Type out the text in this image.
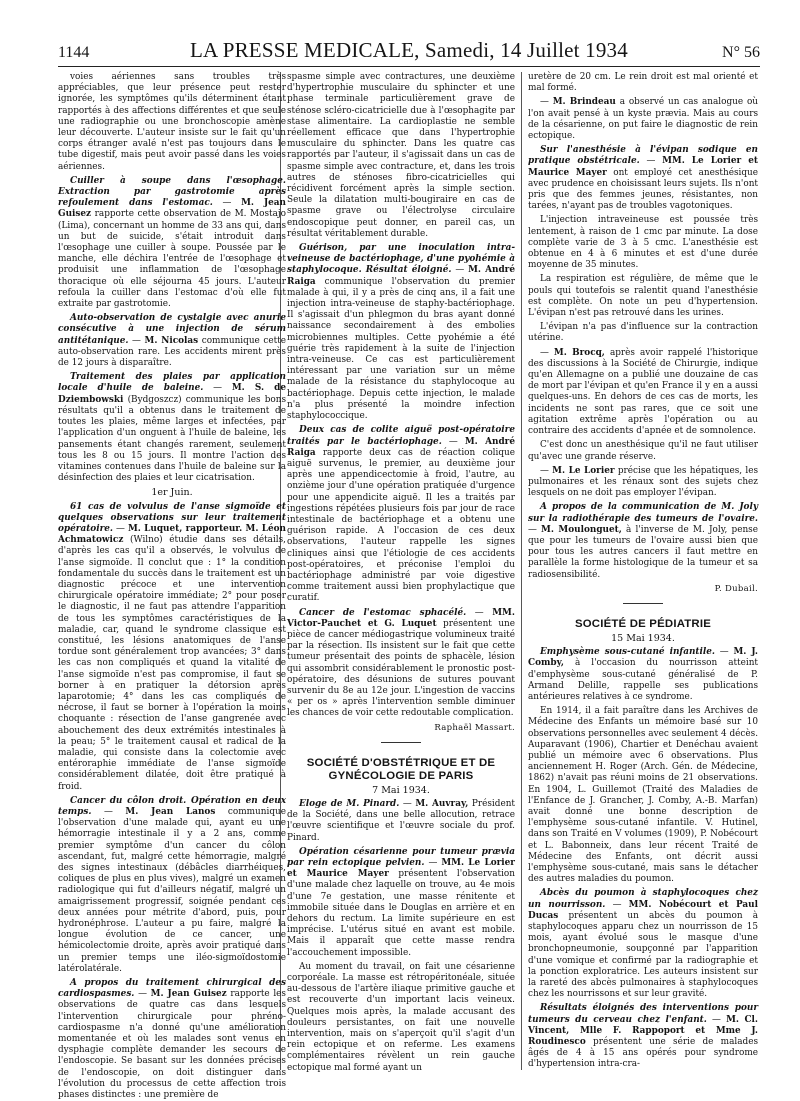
1144	LA PRESSE MEDICALE, Samedi, 14 Juillet 1934	N° 56

voies aériennes sans troubles très appréciables, que leur présence peut rester ignorée, les symptômes qu'ils déterminent étant rapportés à des affections différentes et que seule une radiographie ou une bronchoscopie amène leur découverte. L'auteur insiste sur le fait qu'un corps étranger avalé n'est pas toujours dans le tube digestif, mais peut avoir passé dans les voies aériennes.

Cuiller à soupe dans l'œsophage. Extraction par gastrotomie après refoulement dans l'estomac. — M. Jean Guisez rapporte cette observation de M. Mostajo (Lima), concernant un homme de 33 ans qui, dans un but de suicide, s'était introduit dans l'œsophage une cuiller à soupe. Poussée par le manche, elle déchira l'entrée de l'œsophage et produisit une inflammation de l'œsophage thoracique où elle séjourna 45 jours. L'auteur refoula la cuiller dans l'estomac d'où elle fut extraite par gastrotomie.

Auto-observation de cystalgie avec anurie consécutive à une injection de sérum antitétanique. — M. Nicolas communique cette auto-observation rare. Les accidents mirent près de 12 jours à disparaître.

Traitement des plaies par application locale d'huile de baleine. — M. S. de Dziembowski (Bydgoszcz) communique les bons résultats qu'il a obtenus dans le traitement de toutes les plaies, même larges et infectées, par l'application d'un onguent à l'huile de baleine, les pansements étant changés rarement, seulement tous les 8 ou 15 jours. Il montre l'action des vitamines contenues dans l'huile de baleine sur la désinfection des plaies et leur cicatrisation.

1er Juin.

61 cas de volvulus de l'anse sigmoïde et quelques observations sur leur traitement opératoire. — M. Luquet, rapporteur. M. Léon Achmatowicz (Wilno) étudie dans ses détails, d'après les cas qu'il a observés, le volvulus de l'anse sigmoïde. Il conclut que : 1° la condition fondamentale du succès dans le traitement est un diagnostic précoce et une intervention chirurgicale opératoire immédiate; 2° pour poser le diagnostic, il ne faut pas attendre l'apparition de tous les symptômes caractéristiques de la maladie, car, quand le syndrome classique est constitué, les lésions anatomiques de l'anse tordue sont généralement trop avancées; 3° dans les cas non compliqués et quand la vitalité de l'anse sigmoïde n'est pas compromise, il faut se borner à en pratiquer la détorsion après laparotomie; 4° dans les cas compliqués de nécrose, il faut se borner à l'opération la moins choquante : résection de l'anse gangrenée avec abouchement des deux extrémités intestinales à la peau; 5° le traitement causal et radical de la maladie, qui consiste dans la colectomie avec entéroraphie immédiate de l'anse sigmoïde considérablement dilatée, doit être pratiqué à froid.

Cancer du côlon droit. Opération en deux temps. — M. Jean Lanos communique l'observation d'une malade qui, ayant eu une hémorragie intestinale il y a 2 ans, comme premier symptôme d'un cancer du côlon ascendant, fut, malgré cette hémorragie, malgré des signes intestinaux (débâcles diarrhéiques, coliques de plus en plus vives), malgré un examen radiologique qui fut d'ailleurs négatif, malgré un amaigrissement progressif, soignée pendant ces deux années pour métrite d'abord, puis, pour hydronéphrose. L'auteur a pu faire, malgré la longue évolution de ce cancer, une hémicolectomie droite, après avoir pratiqué dans un premier temps une iléo-sigmoïdostomie latérolatérale.

A propos du traitement chirurgical des cardiospasmes. — M. Jean Guisez rapporte les observations de quatre cas dans lesquels l'intervention chirurgicale pour phréno-cardiospasme n'a donné qu'une amélioration momentanée et où les malades sont venus en dysphagie complète demander les secours de l'endoscopie. Se basant sur les données précises de l'endoscopie, on doit distinguer dans l'évolution du processus de cette affection trois phases distinctes : une première de

spasme simple avec contractures, une deuxième d'hypertrophie musculaire du sphincter et une phase terminale particulièrement grave de sténose scléro-cicatricielle due à l'œsophagite par stase alimentaire. La cardioplastie ne semble réellement efficace que dans l'hypertrophie musculaire du sphincter. Dans les quatre cas rapportés par l'auteur, il s'agissait dans un cas de spasme simple avec contracture, et, dans les trois autres de sténoses fibro-cicatricielles qui récidivent forcément après la simple section. Seule la dilatation multi-bougiraire en cas de spasme grave ou l'électrolyse circulaire endoscopique peut donner, en pareil cas, un résultat véritablement durable.

Guérison, par une inoculation intra-veineuse de bactériophage, d'une pyohémie à staphylocoque. Résultat éloigné. — M. André Raiga communique l'observation du premier malade à qui, il y a près de cinq ans, il a fait une injection intra-veineuse de staphy-bactériophage. Il s'agissait d'un phlegmon du bras ayant donné naissance secondairement à des embolies microbiennes multiples. Cette pyohémie a été guérie très rapidement à la suite de l'injection intra-veineuse. Ce cas est particulièrement intéressant par une variation sur un même malade de la résistance du staphylocoque au bactériophage. Depuis cette injection, le malade n'a plus présenté la moindre infection staphylococcique.

Deux cas de colite aiguë post-opératoire traités par le bactériophage. — M. André Raiga rapporte deux cas de réaction colique aiguë survenus, le premier, au deuxième jour après une appendicectomie à froid, l'autre, au onzième jour d'une opération pratiquée d'urgence pour une appendicite aiguë. Il les a traités par ingestions répétées plusieurs fois par jour de race intestinale de bactériophage et a obtenu une guérison rapide. A l'occasion de ces deux observations, l'auteur rappelle les signes cliniques ainsi que l'étiologie de ces accidents post-opératoires, et préconise l'emploi du bactériophage administré par voie digestive comme traitement aussi bien prophylactique que curatif.

Cancer de l'estomac sphacélé. — MM. Victor-Pauchet et G. Luquet présentent une pièce de cancer médiogastrique volumineux traité par la résection. Ils insistent sur le fait que cette tumeur présentait des points de sphacèle, lésion qui assombrit considérablement le pronostic post-opératoire, des désunions de sutures pouvant survenir du 8e au 12e jour. L'ingestion de vaccins « per os » après l'intervention semble diminuer les chances de voir cette redoutable complication.

Raphaël Massart.

SOCIÉTÉ D'OBSTÉTRIQUE ET DE GYNÉCOLOGIE DE PARIS

7 Mai 1934.

Eloge de M. Pinard. — M. Auvray, Président de la Société, dans une belle allocution, retrace l'œuvre scientifique et l'œuvre sociale du prof. Pinard.

Opération césarienne pour tumeur prævia par rein ectopique pelvien. — MM. Le Lorier et Maurice Mayer présentent l'observation d'une malade chez laquelle on trouve, au 4e mois d'une 7e gestation, une masse rénitente et immobile située dans le Douglas en arrière et en dehors du rectum. La limite supérieure en est imprécise. L'utérus situé en avant est mobile. Mais il apparaît que cette masse rendra l'accouchement impossible.

Au moment du travail, on fait une césarienne corporéale. La masse est rétropéritonéale, située au-dessous de l'artère iliaque primitive gauche et est recouverte d'un important lacis veineux. Quelques mois après, la malade accusant des douleurs persistantes, on fait une nouvelle intervention, mais on s'aperçoit qu'il s'agit d'un rein ectopique et on referme. Les examens complémentaires révèlent un rein gauche ectopique mal formé ayant un

uretère de 20 cm. Le rein droit est mal orienté et mal formé.

— M. Brindeau a observé un cas analogue où l'on avait pensé à un kyste prævia. Mais au cours de la césarienne, on put faire le diagnostic de rein ectopique.

Sur l'anesthésie à l'évipan sodique en pratique obstétricale. — MM. Le Lorier et Maurice Mayer ont employé cet anesthésique avec prudence en choisissant leurs sujets. Ils n'ont pris que des femmes jeunes, résistantes, non tarées, n'ayant pas de troubles vagotoniques.

L'injection intraveineuse est poussée très lentement, à raison de 1 cmc par minute. La dose complète varie de 3 à 5 cmc. L'anesthésie est obtenue en 4 à 6 minutes et est d'une durée moyenne de 35 minutes.

La respiration est régulière, de même que le pouls qui toutefois se ralentit quand l'anesthésie est complète. On note un peu d'hypertension. L'évipan n'est pas retrouvé dans les urines.

L'évipan n'a pas d'influence sur la contraction utérine.

— M. Brocq, après avoir rappelé l'historique des discussions à la Société de Chirurgie, indique qu'en Allemagne on a publié une douzaine de cas de mort par l'évipan et qu'en France il y en a aussi quelques-uns. En dehors de ces cas de morts, les incidents ne sont pas rares, que ce soit une agitation extrême après l'opération ou au contraire des accidents d'apnée et de somnolence.

C'est donc un anesthésique qu'il ne faut utiliser qu'avec une grande réserve.

— M. Le Lorier précise que les hépatiques, les pulmonaires et les rénaux sont des sujets chez lesquels on ne doit pas employer l'évipan.

A propos de la communication de M. Joly sur la radiothérapie des tumeurs de l'ovaire. — M. Moulonguet, à l'inverse de M. Joly, pense que pour les tumeurs de l'ovaire aussi bien que pour tous les autres cancers il faut mettre en parallèle la forme histologique de la tumeur et sa radiosensibilité.

P. Dubail.

SOCIÉTÉ DE PÉDIATRIE

15 Mai 1934.

Emphysème sous-cutané infantile. — M. J. Comby, à l'occasion du nourrisson atteint d'emphysème sous-cutané généralisé de P. Armand Delille, rappelle ses publications antérieures relatives à ce syndrome.

En 1914, il a fait paraître dans les Archives de Médecine des Enfants un mémoire basé sur 10 observations personnelles avec seulement 4 décès. Auparavant (1906), Chartier et Denéchau avaient publié un mémoire avec 6 observations. Plus anciennement H. Roger (Arch. Gén. de Médecine, 1862) n'avait pas réuni moins de 21 observations. En 1904, L. Guillemot (Traité des Maladies de l'Enfance de J. Grancher, J. Comby, A.-B. Marfan) avait donné une bonne description de l'emphysème sous-cutané infantile. V. Hutinel, dans son Traité en V volumes (1909), P. Nobécourt et L. Babonneix, dans leur récent Traité de Médecine des Enfants, ont décrit aussi l'emphysème sous-cutané, mais sans le détacher des autres maladies du poumon.

Abcès du poumon à staphylocoques chez un nourrisson. — MM. Nobécourt et Paul Ducas présentent un abcès du poumon à staphylocoques apparu chez un nourrisson de 15 mois, ayant évolué sous le masque d'une bronchopneumonie, soupçonné par l'apparition d'une vomique et confirmé par la radiographie et la ponction exploratrice. Les auteurs insistent sur la rareté des abcès pulmonaires à staphylocoques chez les nourrissons et sur leur gravité.

Résultats éloignés des interventions pour tumeurs du cerveau chez l'enfant. — M. Cl. Vincent, Mlle F. Rappoport et Mme J. Roudinesco présentent une série de malades âgés de 4 à 15 ans opérés pour syndrome d'hypertension intra-cra-
